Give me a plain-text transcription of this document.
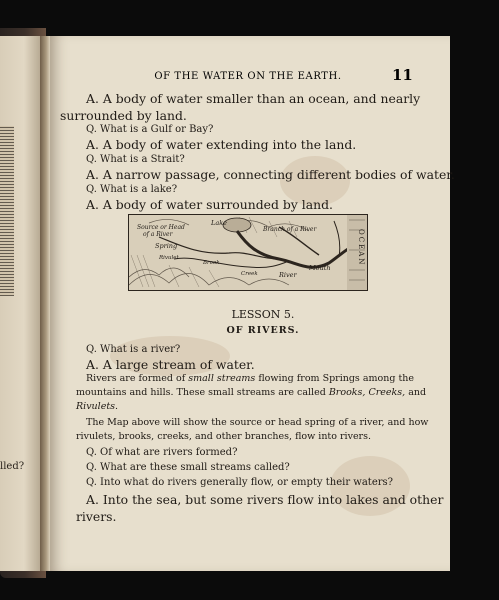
lled?
OF THE WATER ON THE EARTH.	11
A. A body of water smaller than an ocean, and nearly
surrounded by land.
Q. What is a Gulf or Bay?
A. A body of water extending into the land.
Q. What is a Strait?
A. A narrow passage, connecting different bodies of water.
Q. What is a lake?
A. A body of water surrounded by land.
LESSON 5.
OF RIVERS.
Q. What is a river?
A. A large stream of water.
Rivers are formed of small streams flowing from Springs among the
mountains and hills. These small streams are called Brooks, Creeks, and
Rivulets.
The Map above will show the source or head spring of a river, and how
rivulets, brooks, creeks, and other branches, flow into rivers.
Q. Of what are rivers formed?
Q. What are these small streams called?
Q. Into what do rivers generally flow, or empty their waters?
A. Into the sea, but some rivers flow into lakes and other
rivers.
Source or Head
of a River
Spring
Rivulet
Brook
Creek
Lake
Branch of a River
River
Mouth
OCEAN
